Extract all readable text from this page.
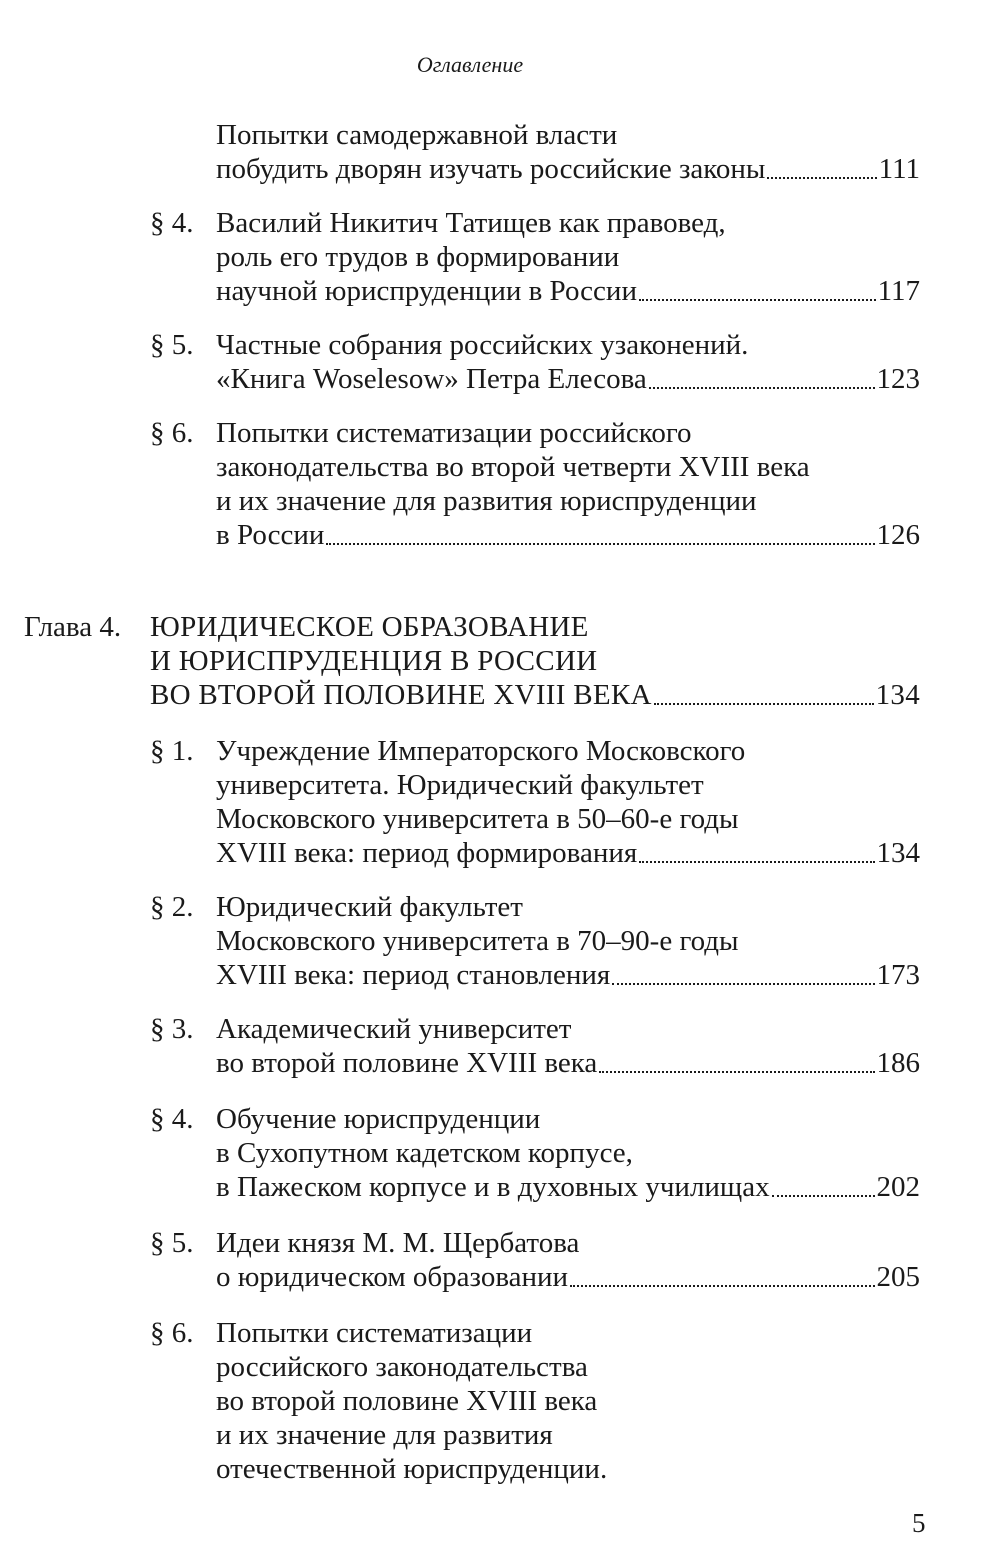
Оглавление
Попытки самодержавной власти
побудить дворян изучать российские законы	111
§ 4. Василий Никитич Татищев как правовед,
роль его трудов в формировании
научной юриспруденции в России	117
§ 5. Частные собрания российских узаконений.
«Книга Woselesow» Петра Елесова	123
§ 6. Попытки систематизации российского
законодательства во второй четверти XVIII века
и их значение для развития юриспруденции
в России	126
Глава 4. ЮРИДИЧЕСКОЕ ОБРАЗОВАНИЕ
И ЮРИСПРУДЕНЦИЯ В РОССИИ
ВО ВТОРОЙ ПОЛОВИНЕ XVIII ВЕКА	134
§ 1. Учреждение Императорского Московского
университета. Юридический факультет
Московского университета в 50–60-е годы
XVIII века: период формирования	134
§ 2. Юридический факультет
Московского университета в 70–90-е годы
XVIII века: период становления	173
§ 3. Академический университет
во второй половине XVIII века	186
§ 4. Обучение юриспруденции
в Сухопутном кадетском корпусе,
в Пажеском корпусе и в духовных училищах	202
§ 5. Идеи князя М. М. Щербатова
о юридическом образовании	205
§ 6. Попытки систематизации
российского законодательства
во второй половине XVIII века
и их значение для развития
отечественной юриспруденции.
5
